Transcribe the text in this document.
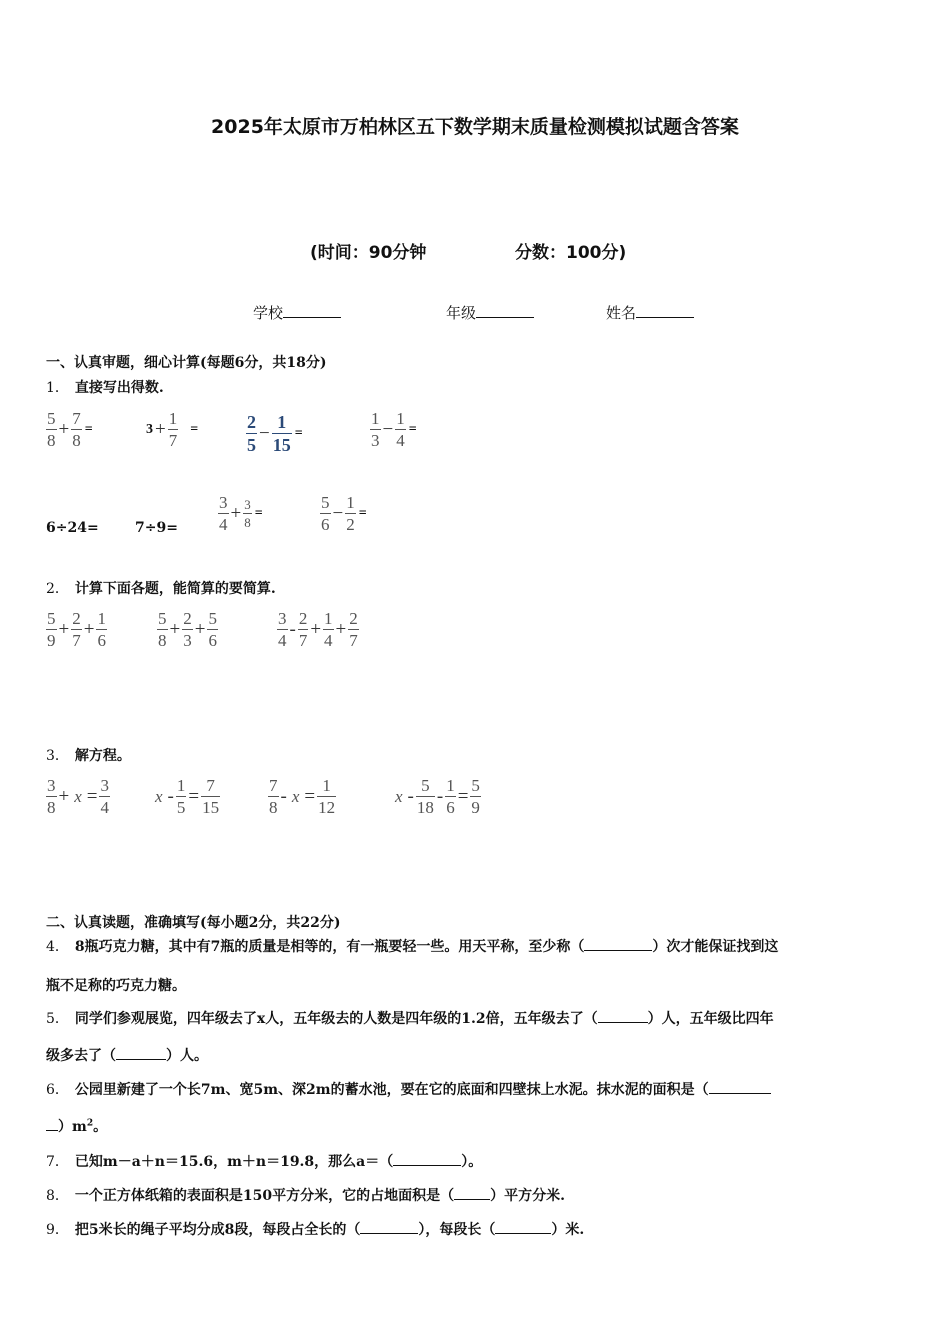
2025年太原市万柏林区五下数学期末质量检测模拟试题含答案
(时间：90分钟	分数：100分)
学校	年级	姓名
一、认真审题，细心计算(每题6分，共18分)
1． 直接写出得数.
$\frac{5}{8} + \frac{7}{8}$ =	$3 + \frac{1}{7}$ =	$\frac{2}{5} - \frac{1}{15}$ =	$\frac{1}{3} - \frac{1}{4}$ =
6÷24=	$7\div 9= \frac{3}{4} + \frac{3}{8}$ =	$\frac{5}{6} - \frac{1}{2}$ =
2． 计算下面各题，能简算的要简算.
$\frac{5}{9} + \frac{2}{7} + \frac{1}{6}$	$\frac{5}{8} + \frac{2}{3} + \frac{5}{6}$	$\frac{3}{4} - \frac{2}{7} + \frac{1}{4} + \frac{2}{7}$
3． 解方程。
$\frac{3}{8} + x = \frac{3}{4}$	$x - \frac{1}{5} = \frac{7}{15}$	$\frac{7}{8} - x = \frac{1}{12}$	$x - \frac{5}{18} - \frac{1}{6} = \frac{5}{9}$
二、认真读题，准确填写(每小题2分，共22分)
4． 8瓶巧克力糖，其中有7瓶的质量是相等的，有一瓶要轻一些。用天平称，至少称（	）次才能保证找到这
瓶不足称的巧克力糖。
5． 同学们参观展览，四年级去了x人，五年级去的人数是四年级的1.2倍，五年级去了（	）人，五年级比四年
级多去了（	）人。
6． 公园里新建了一个长7m、宽5m、深2m的蓄水池，要在它的底面和四壁抹上水泥。抹水泥的面积是（
）$m^2$。
7． 已知m－a＋n＝15.6，m＋n＝19.8，那么a＝（	）。
8． 一个正方体纸箱的表面积是150平方分米，它的占地面积是（	）平方分米.
9． 把5米长的绳子平均分成8段，每段占全长的（	），每段长（	）米.
